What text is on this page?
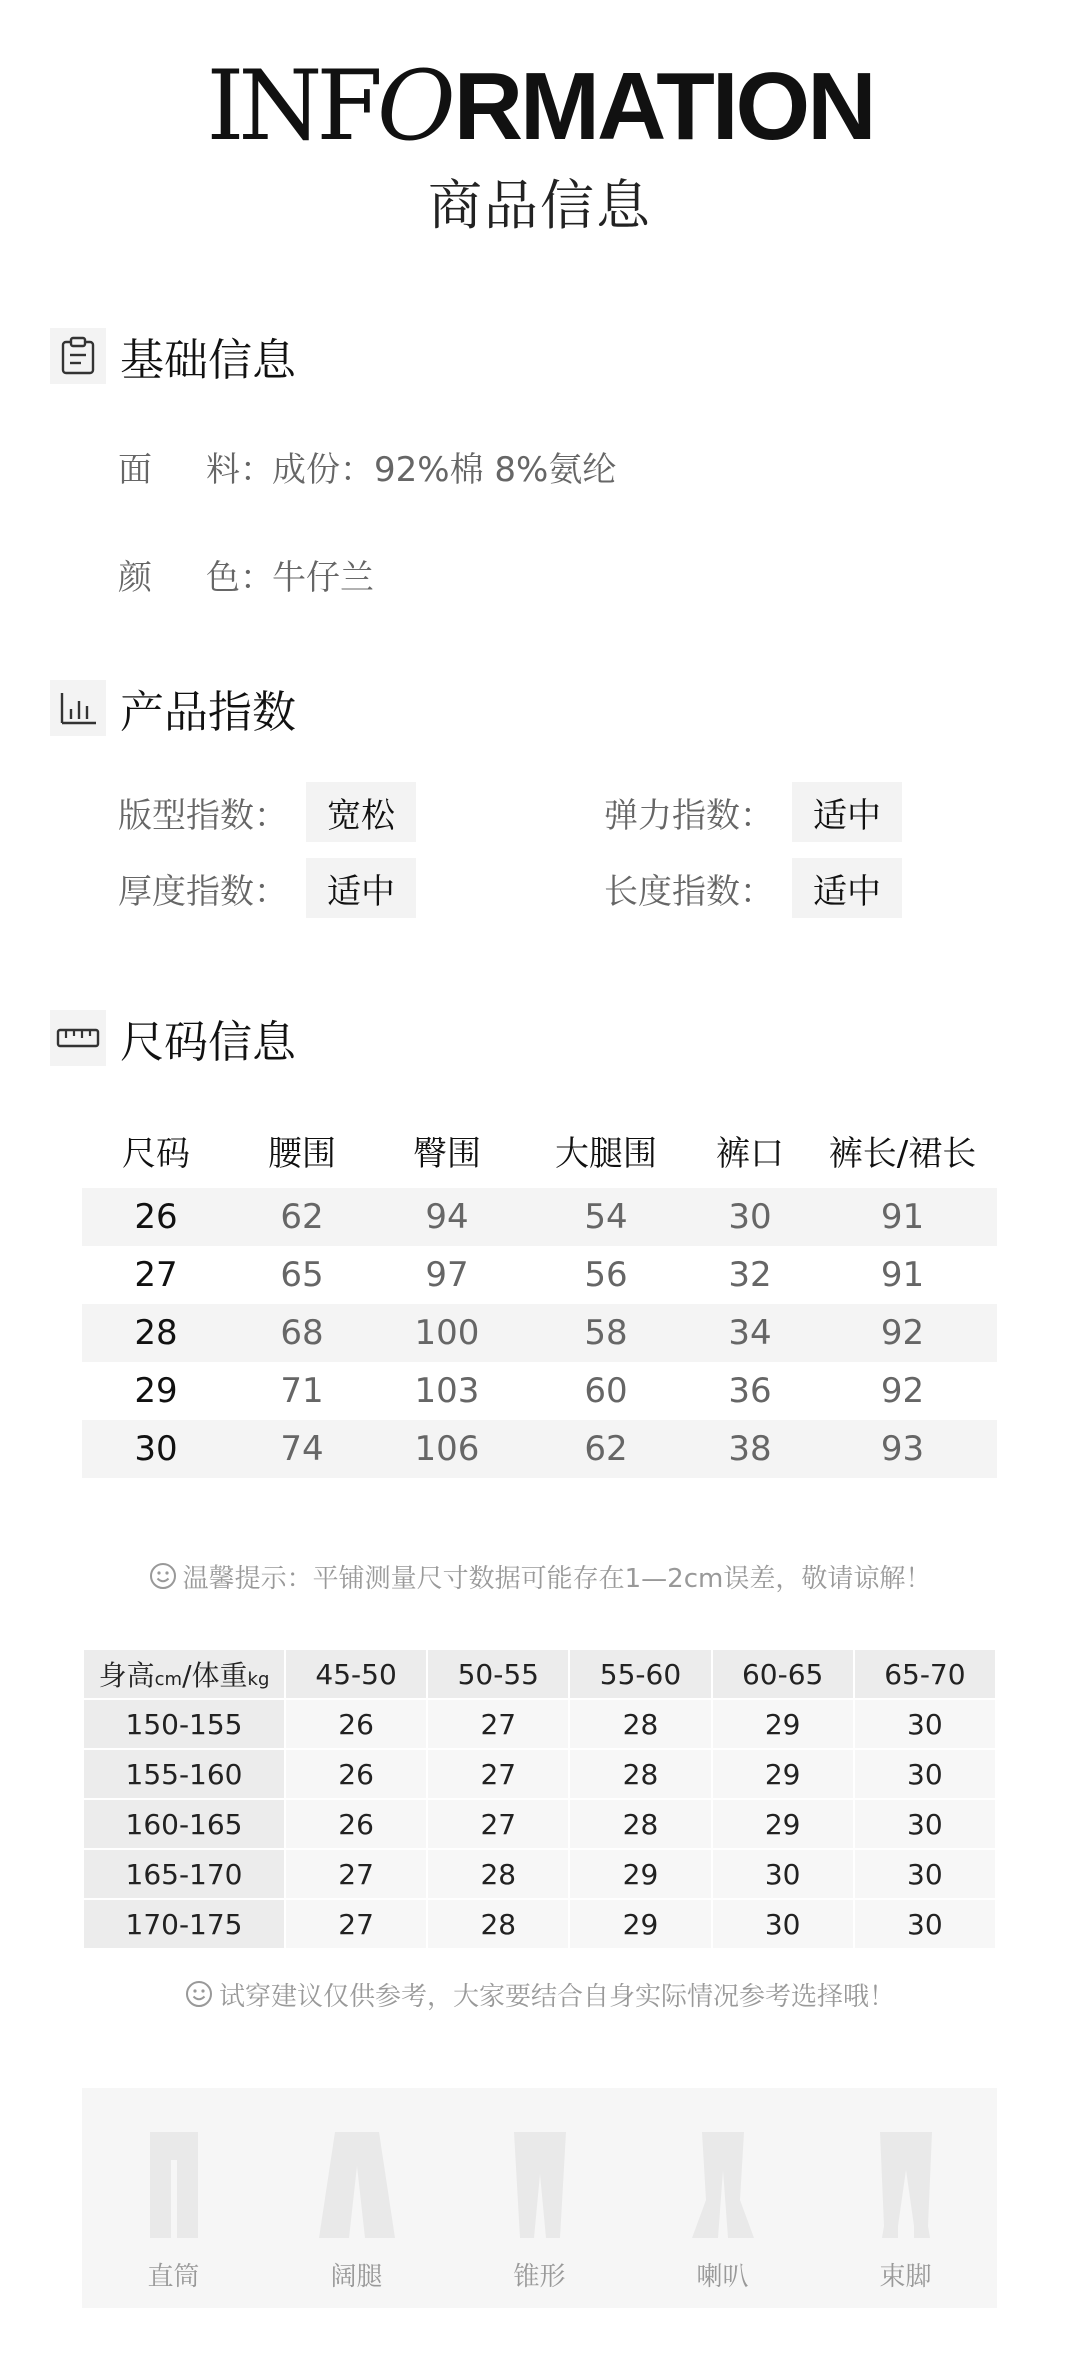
INFORMATION
商品信息
基础信息
面 料：成份：92%棉 8%氨纶
颜 色：牛仔兰
产品指数
版型指数：	宽松	弹力指数：	适中
厚度指数：	适中	长度指数：	适中
尺码信息
尺码	腰围	臀围	大腿围	裤口	裤长/裙长
26	62	94	54	30	91
27	65	97	56	32	91
28	68	100	58	34	92
29	71	103	60	36	92
30	74	106	62	38	93
温馨提示：平铺测量尺寸数据可能存在1—2cm误差，敬请谅解！
身高cm/体重kg	45-50	50-55	55-60	60-65	65-70
150-155	26	27	28	29	30
155-160	26	27	28	29	30
160-165	26	27	28	29	30
165-170	27	28	29	30	30
170-175	27	28	29	30	30
试穿建议仅供参考，大家要结合自身实际情况参考选择哦！
直筒	阔腿	锥形	喇叭	束脚
